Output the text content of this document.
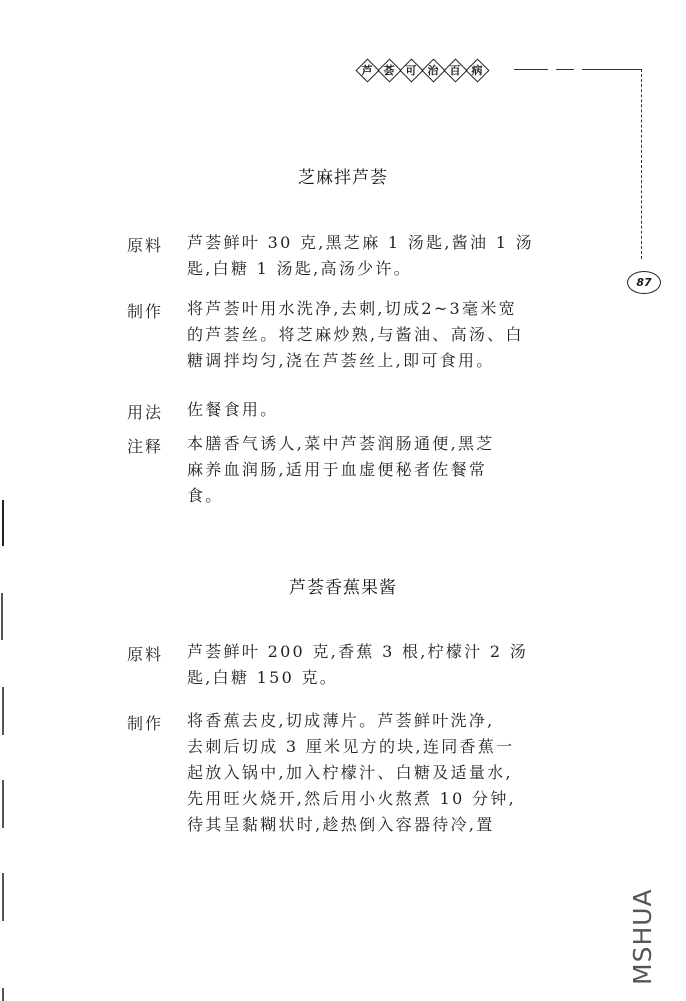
芦 荟 可 治 百 病
87
芝麻拌芦荟
原料 芦荟鲜叶 30 克,黑芝麻 1 汤匙,酱油 1 汤
匙,白糖 1 汤匙,高汤少许。
制作 将芦荟叶用水洗净,去刺,切成2~3毫米宽
的芦荟丝。将芝麻炒熟,与酱油、高汤、白
糖调拌均匀,浇在芦荟丝上,即可食用。
用法 佐餐食用。
注释 本膳香气诱人,菜中芦荟润肠通便,黑芝
麻养血润肠,适用于血虚便秘者佐餐常
食。
芦荟香蕉果酱
原料 芦荟鲜叶 200 克,香蕉 3 根,柠檬汁 2 汤
匙,白糖 150 克。
制作 将香蕉去皮,切成薄片。芦荟鲜叶洗净,
去刺后切成 3 厘米见方的块,连同香蕉一
起放入锅中,加入柠檬汁、白糖及适量水,
先用旺火烧开,然后用小火熬煮 10 分钟,
待其呈黏糊状时,趁热倒入容器待冷,置
MSHUA
